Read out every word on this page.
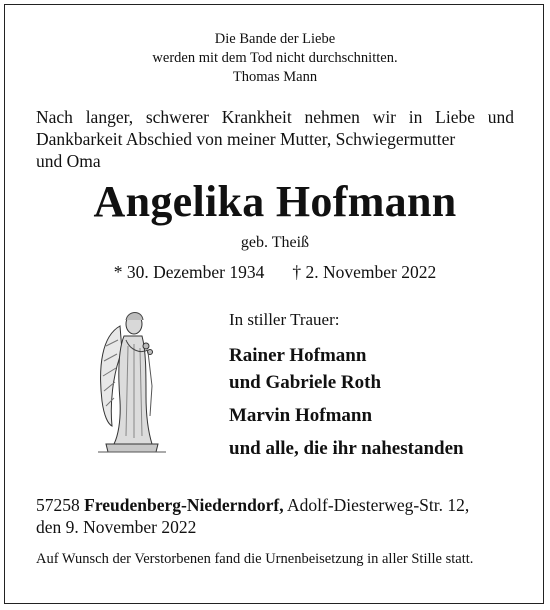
Die Bande der Liebe
werden mit dem Tod nicht durchschnitten.
Thomas Mann
Nach langer, schwerer Krankheit nehmen wir in Liebe und Dankbarkeit Abschied von meiner Mutter, Schwiegermutter
und Oma
Angelika Hofmann
geb. Theiß
* 30. Dezember 1934 † 2. November 2022
In stiller Trauer:
Rainer Hofmann
und Gabriele Roth
Marvin Hofmann
und alle, die ihr nahestanden
57258 Freudenberg-Niederndorf, Adolf-Diesterweg-Str. 12,
den 9. November 2022
Auf Wunsch der Verstorbenen fand die Urnenbeisetzung in aller Stille statt.
